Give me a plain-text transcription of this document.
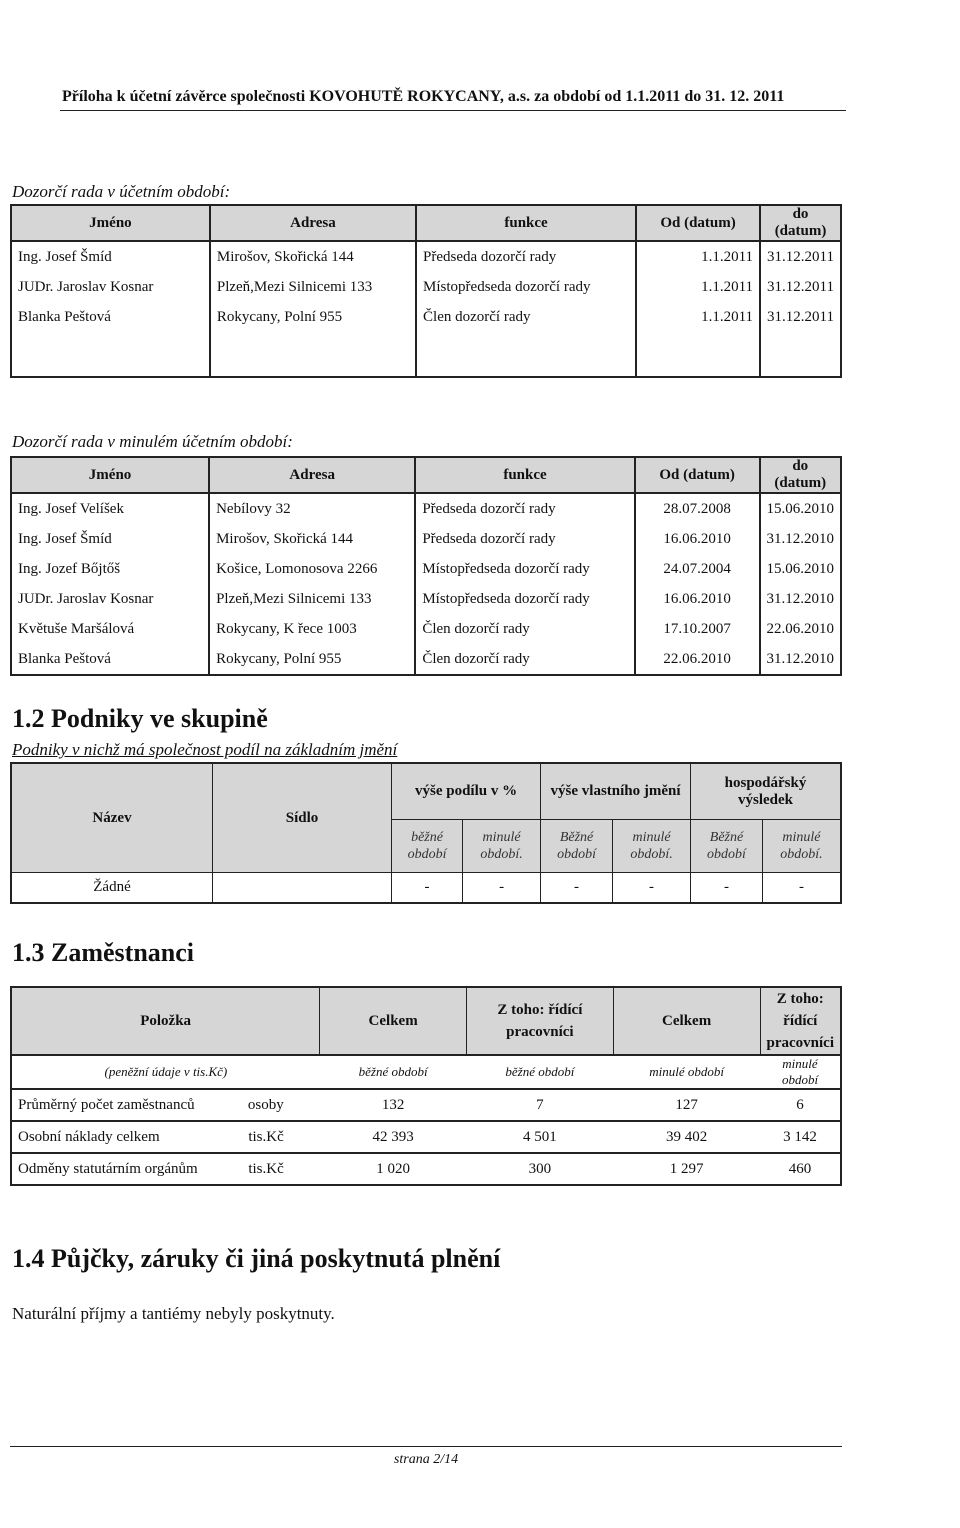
Příloha k účetní závěrce společnosti KOVOHUTĚ ROKYCANY, a.s. za období od 1.1.2011 do 31. 12. 2011
Dozorčí rada v účetním období:
Jméno	Adresa	funkce	Od (datum)	do (datum)
Ing. Josef Šmíd	Mirošov, Skořická 144	Předseda dozorčí rady	1.1.2011	31.12.2011
JUDr. Jaroslav Kosnar	Plzeň,Mezi Silnicemi 133	Místopředseda dozorčí rady	1.1.2011	31.12.2011
Blanka Peštová	Rokycany, Polní 955	Člen dozorčí rady	1.1.2011	31.12.2011

Dozorčí rada v minulém účetním období:
Jméno	Adresa	funkce	Od (datum)	do (datum)
Ing. Josef Velíšek	Nebílovy 32	Předseda dozorčí rady	28.07.2008	15.06.2010
Ing. Josef Šmíd	Mirošov, Skořická 144	Předseda dozorčí rady	16.06.2010	31.12.2010
Ing. Jozef Bőjtőš	Košice, Lomonosova 2266	Místopředseda dozorčí rady	24.07.2004	15.06.2010
JUDr. Jaroslav Kosnar	Plzeň,Mezi Silnicemi 133	Místopředseda dozorčí rady	16.06.2010	31.12.2010
Květuše Maršálová	Rokycany, K řece 1003	Člen dozorčí rady	17.10.2007	22.06.2010
Blanka Peštová	Rokycany, Polní 955	Člen dozorčí rady	22.06.2010	31.12.2010
1.2 Podniky ve skupině
Podniky v nichž má společnost podíl na základním jmění
Název	Sídlo	výše podílu v %		výše vlastního jmění		hospodářský výsledek	
		běžné období	minulé období.	Běžné období	minulé období.	Běžné období	minulé období.
Žádné		-	-	-	-	-	-
1.3 Zaměstnanci
Položka	Celkem	Z toho: řídící pracovníci	Celkem	Z toho: řídící pracovníci
(peněžní údaje v tis.Kč)	běžné období	běžné období	minulé období	minulé období
Průměrný počet zaměstnanců osoby	132	7	127	6
Osobní náklady celkem tis.Kč	42 393	4 501	39 402	3 142
Odměny statutárním orgánům tis.Kč	1 020	300	1 297	460
1.4 Půjčky, záruky či jiná poskytnutá plnění
Naturální příjmy a tantiémy nebyly poskytnuty.
strana 2/14
